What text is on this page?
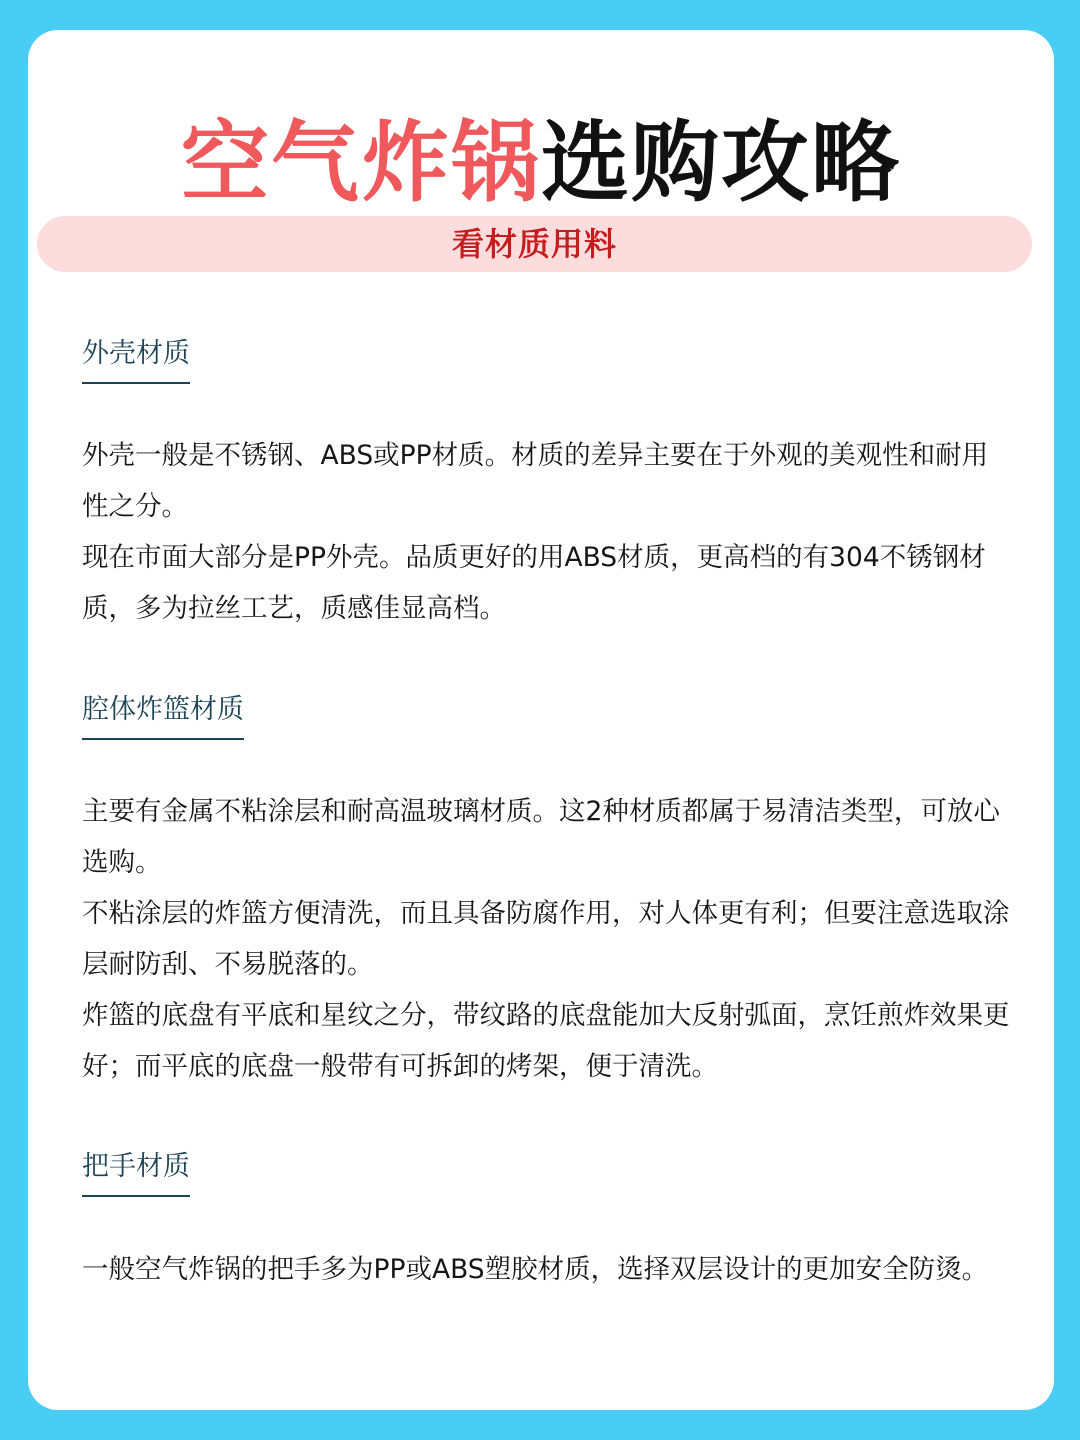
空气炸锅选购攻略
看材质用料
外壳材质

外壳一般是不锈钢、ABS或PP材质。材质的差异主要在于外观的美观性和耐用性之分。

现在市面大部分是PP外壳。品质更好的用ABS材质，更高档的有304不锈钢材质，多为拉丝工艺，质感佳显高档。

腔体炸篮材质

主要有金属不粘涂层和耐高温玻璃材质。这2种材质都属于易清洁类型，可放心选购。

不粘涂层的炸篮方便清洗，而且具备防腐作用，对人体更有利；但要注意选取涂层耐防刮、不易脱落的。

炸篮的底盘有平底和星纹之分，带纹路的底盘能加大反射弧面，烹饪煎炸效果更好；而平底的底盘一般带有可拆卸的烤架，便于清洗。

把手材质

一般空气炸锅的把手多为PP或ABS塑胶材质，选择双层设计的更加安全防烫。
